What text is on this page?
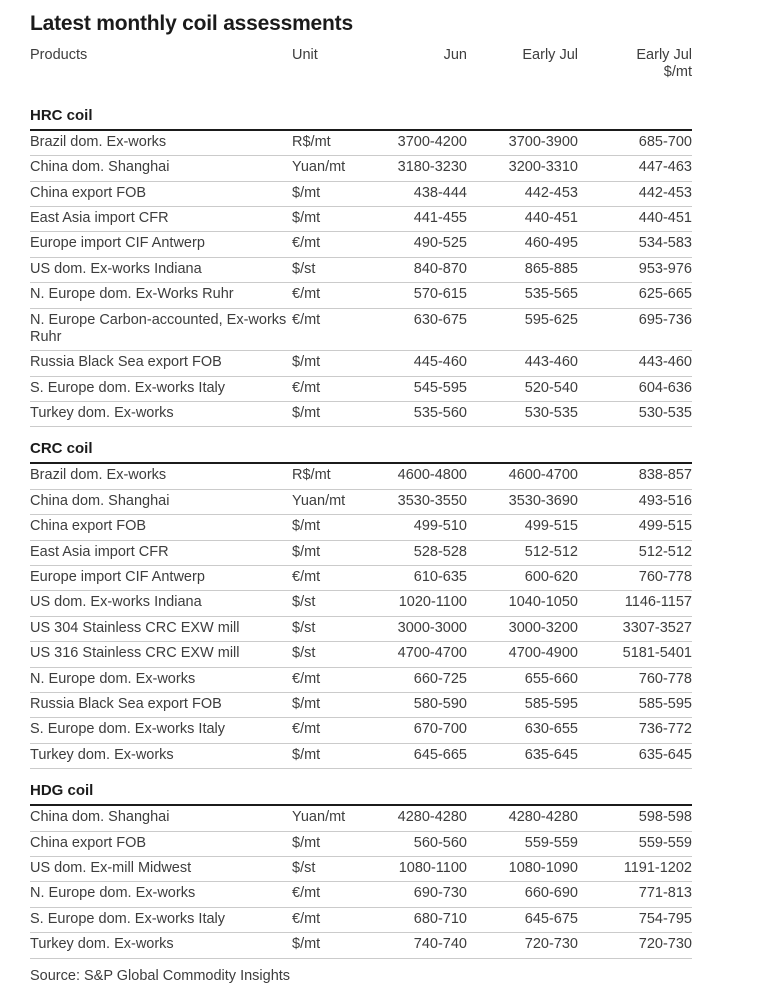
Latest monthly coil assessments
Products	Unit	Jun	Early Jul	Early Jul
$/mt
HRC coil				
Brazil dom. Ex-works	R$/mt	3700-4200	3700-3900	685-700
China dom. Shanghai	Yuan/mt	3180-3230	3200-3310	447-463
China export FOB	$/mt	438-444	442-453	442-453
East Asia import CFR	$/mt	441-455	440-451	440-451
Europe import CIF Antwerp	€/mt	490-525	460-495	534-583
US dom. Ex-works Indiana	$/st	840-870	865-885	953-976
N. Europe dom. Ex-Works Ruhr	€/mt	570-615	535-565	625-665
N. Europe Carbon-accounted, Ex-works Ruhr	€/mt	630-675	595-625	695-736
Russia Black Sea export FOB	$/mt	445-460	443-460	443-460
S. Europe dom. Ex-works Italy	€/mt	545-595	520-540	604-636
Turkey dom. Ex-works	$/mt	535-560	530-535	530-535
CRC coil				
Brazil dom. Ex-works	R$/mt	4600-4800	4600-4700	838-857
China dom. Shanghai	Yuan/mt	3530-3550	3530-3690	493-516
China export FOB	$/mt	499-510	499-515	499-515
East Asia import CFR	$/mt	528-528	512-512	512-512
Europe import CIF Antwerp	€/mt	610-635	600-620	760-778
US dom. Ex-works Indiana	$/st	1020-1100	1040-1050	1146-1157
US 304 Stainless CRC EXW mill	$/st	3000-3000	3000-3200	3307-3527
US 316 Stainless CRC EXW mill	$/st	4700-4700	4700-4900	5181-5401
N. Europe dom. Ex-works	€/mt	660-725	655-660	760-778
Russia Black Sea export FOB	$/mt	580-590	585-595	585-595
S. Europe dom. Ex-works Italy	€/mt	670-700	630-655	736-772
Turkey dom. Ex-works	$/mt	645-665	635-645	635-645
HDG coil				
China dom. Shanghai	Yuan/mt	4280-4280	4280-4280	598-598
China export FOB	$/mt	560-560	559-559	559-559
US dom. Ex-mill Midwest	$/st	1080-1100	1080-1090	1191-1202
N. Europe dom. Ex-works	€/mt	690-730	660-690	771-813
S. Europe dom. Ex-works Italy	€/mt	680-710	645-675	754-795
Turkey dom. Ex-works	$/mt	740-740	720-730	720-730
Source: S&P Global Commodity Insights
